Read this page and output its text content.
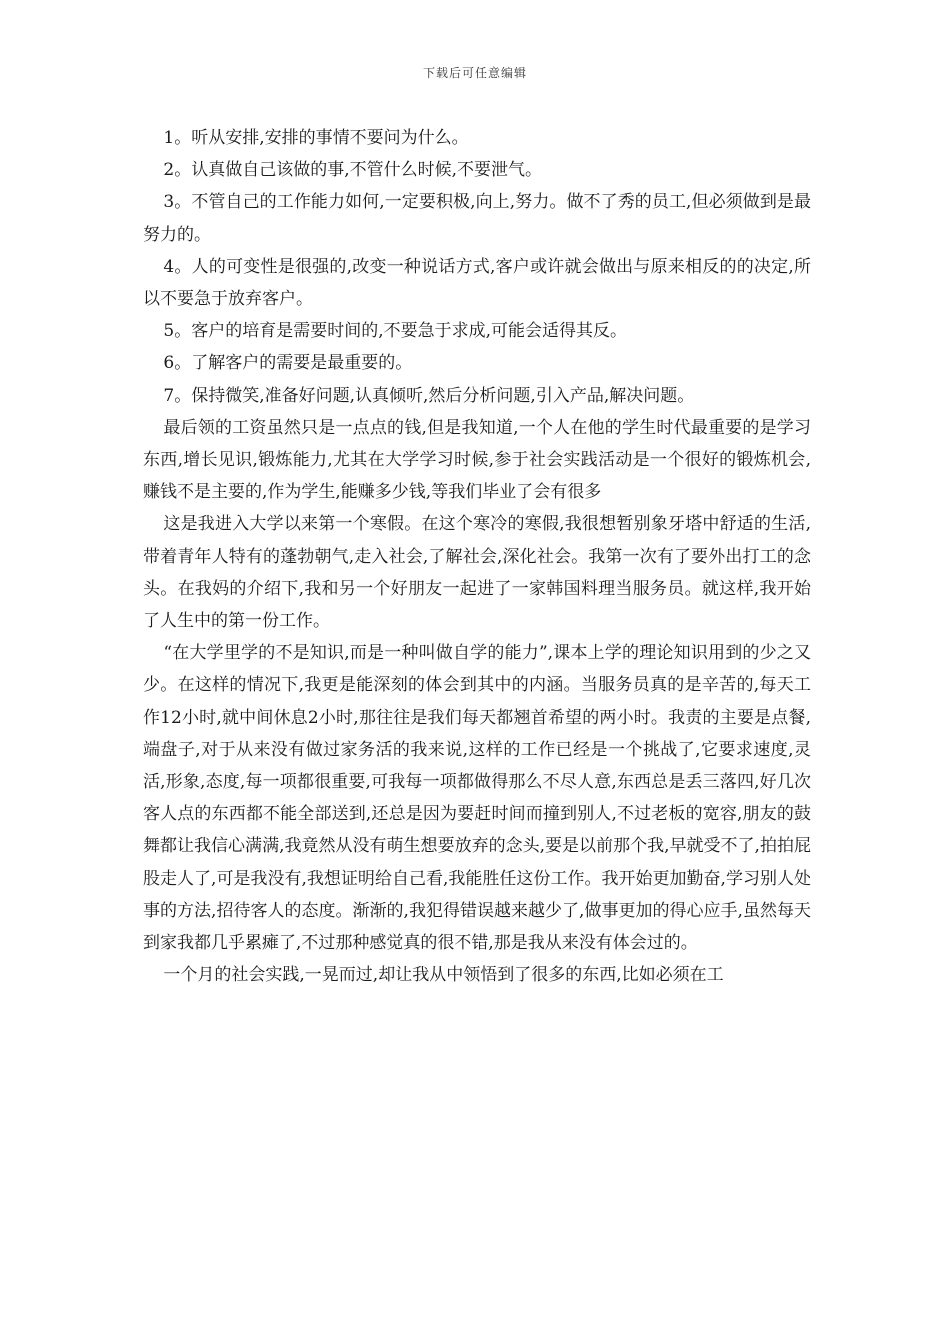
下载后可任意编辑

1。听从安排,安排的事情不要问为什么。

2。认真做自己该做的事,不管什么时候,不要泄气。

3。不管自己的工作能力如何,一定要积极,向上,努力。做不了秀的员工,但必须做到是最努力的。

4。人的可变性是很强的,改变一种说话方式,客户或许就会做出与原来相反的的决定,所以不要急于放弃客户。

5。客户的培育是需要时间的,不要急于求成,可能会适得其反。

6。了解客户的需要是最重要的。

7。保持微笑,准备好问题,认真倾听,然后分析问题,引入产品,解决问题。

最后领的工资虽然只是一点点的钱,但是我知道,一个人在他的学生时代最重要的是学习东西,增长见识,锻炼能力,尤其在大学学习时候,参于社会实践活动是一个很好的锻炼机会,赚钱不是主要的,作为学生,能赚多少钱,等我们毕业了会有很多

这是我进入大学以来第一个寒假。在这个寒冷的寒假,我很想暂别象牙塔中舒适的生活,带着青年人特有的蓬勃朝气,走入社会,了解社会,深化社会。我第一次有了要外出打工的念头。在我妈的介绍下,我和另一个好朋友一起进了一家韩国料理当服务员。就这样,我开始了人生中的第一份工作。

“在大学里学的不是知识,而是一种叫做自学的能力”,课本上学的理论知识用到的少之又少。在这样的情况下,我更是能深刻的体会到其中的内涵。当服务员真的是辛苦的,每天工作12小时,就中间休息2小时,那往往是我们每天都翘首希望的两小时。我责的主要是点餐,端盘子,对于从来没有做过家务活的我来说,这样的工作已经是一个挑战了,它要求速度,灵活,形象,态度,每一项都很重要,可我每一项都做得那么不尽人意,东西总是丢三落四,好几次客人点的东西都不能全部送到,还总是因为要赶时间而撞到别人,不过老板的宽容,朋友的鼓舞都让我信心满满,我竟然从没有萌生想要放弃的念头,要是以前那个我,早就受不了,拍拍屁股走人了,可是我没有,我想证明给自己看,我能胜任这份工作。我开始更加勤奋,学习别人处事的方法,招待客人的态度。渐渐的,我犯得错误越来越少了,做事更加的得心应手,虽然每天到家我都几乎累瘫了,不过那种感觉真的很不错,那是我从来没有体会过的。

一个月的社会实践,一晃而过,却让我从中领悟到了很多的东西,比如必须在工
